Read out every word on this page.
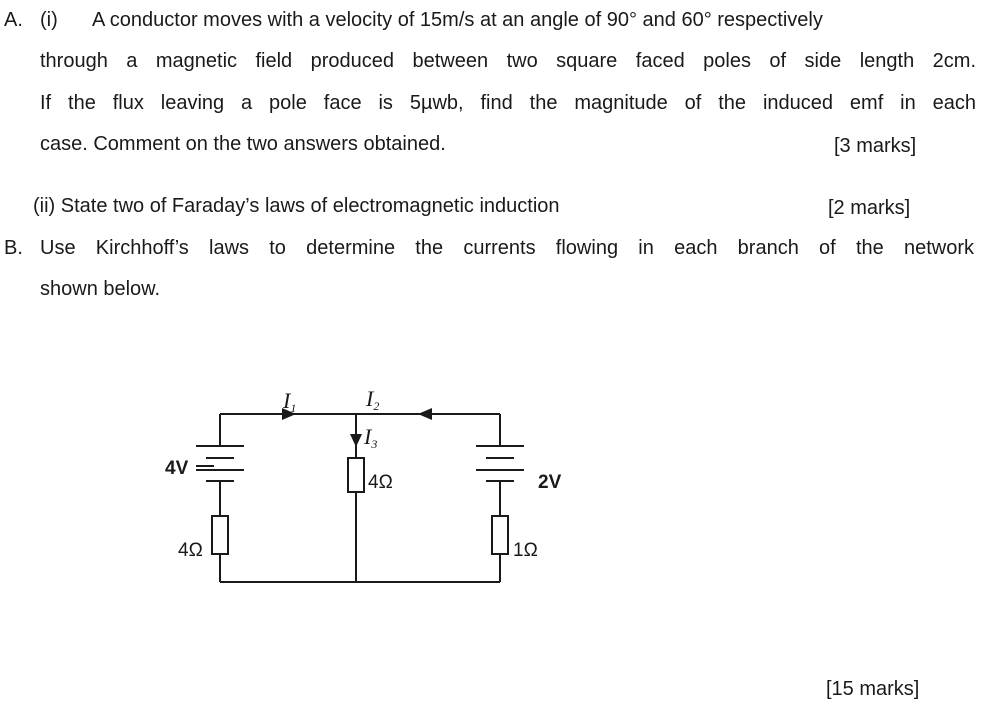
A. (i) A conductor moves with a velocity of 15m/s at an angle of 90° and 60° respectively
through a magnetic field produced between two square faced poles of side length 2cm.
If the flux leaving a pole face is 5µwb, find the magnitude of the induced emf in each
case. Comment on the two answers obtained.	[3 marks]
(ii) State two of Faraday’s laws of electromagnetic induction	[2 marks]
B. Use Kirchhoff’s laws to determine the currents flowing in each branch of the network
shown below.
[15 marks]
I1	I2
I3
4V
4Ω
4Ω	2V
1Ω
